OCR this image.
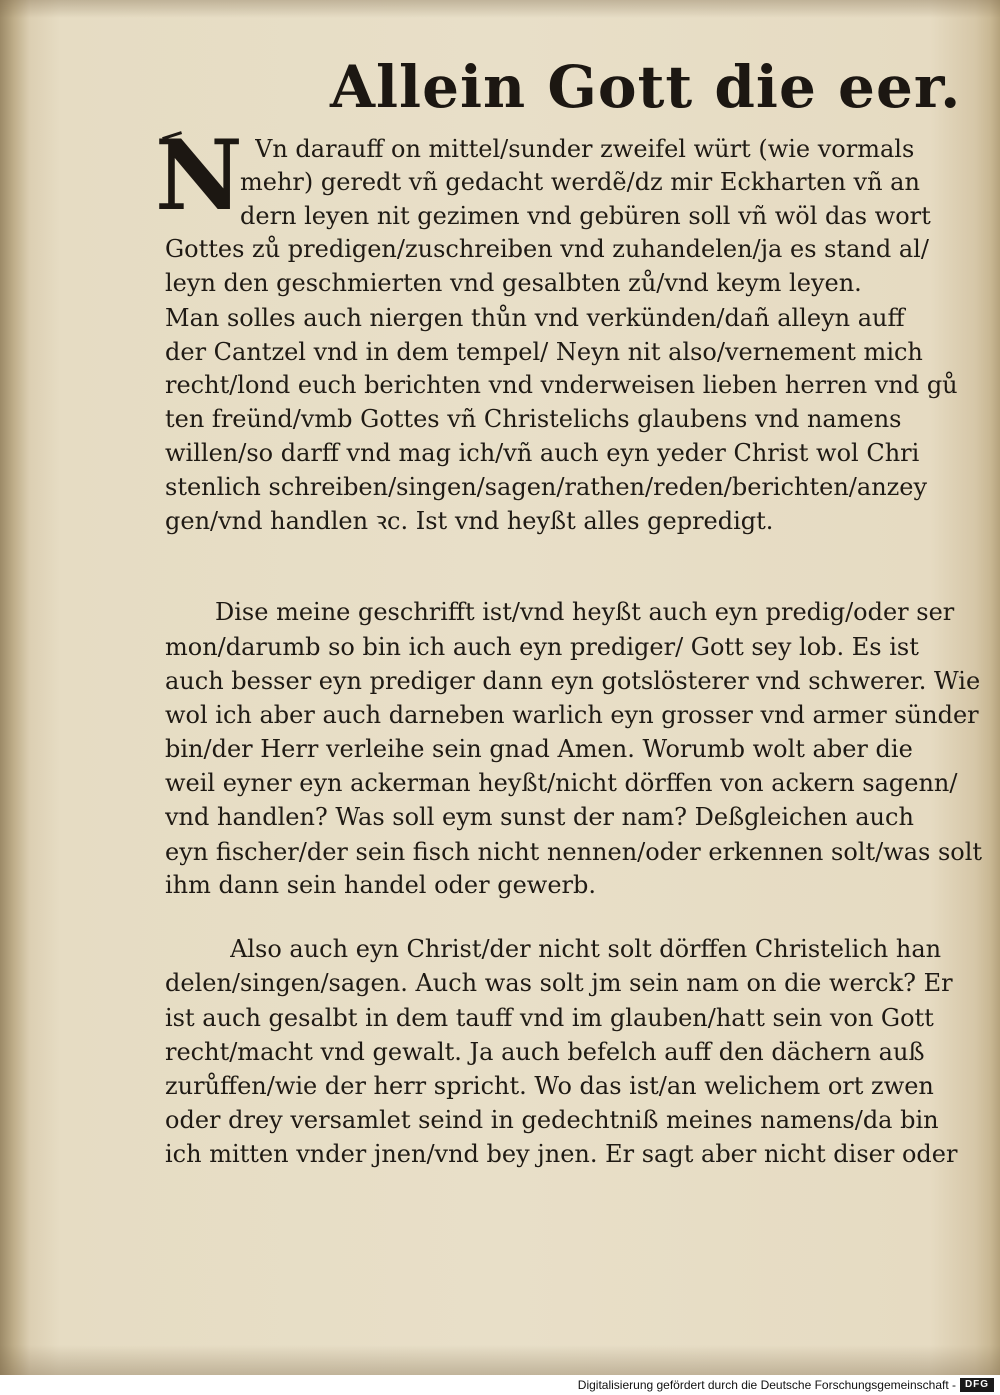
Allein Gott die eer.
N Vn darauff on mittel/sunder zweifel würt (wie vormals
mehr) geredt vñ gedacht werdẽ/dz mir Eckharten vñ an
dern leyen nit gezimen vnd gebüren soll vñ wöl das wort
Gottes zů predigen/zuschreiben vnd zuhandelen/ja es stand al/
leyn den geschmierten vnd gesalbten zů/vnd keym leyen.
Man solles auch niergen thůn vnd verkünden/dañ alleyn auff
der Cantzel vnd in dem tempel/ Neyn nit also/vernement mich
recht/lond euch berichten vnd vnderweisen lieben herren vnd gů
ten freünd/vmb Gottes vñ Christelichs glaubens vnd namens
willen/so darff vnd mag ich/vñ auch eyn yeder Christ wol Chri
stenlich schreiben/singen/sagen/rathen/reden/berichten/anzey
gen/vnd handlen ꝛc. Ist vnd heyßt alles gepredigt.
Dise meine geschrifft ist/vnd heyßt auch eyn predig/oder ser
mon/darumb so bin ich auch eyn prediger/ Gott sey lob. Es ist
auch besser eyn prediger dann eyn gotslösterer vnd schwerer. Wie
wol ich aber auch darneben warlich eyn grosser vnd armer sünder
bin/der Herr verleihe sein gnad Amen. Worumb wolt aber die
weil eyner eyn ackerman heyßt/nicht dörffen von ackern sagenn/
vnd handlen? Was soll eym sunst der nam? Deßgleichen auch
eyn fischer/der sein fisch nicht nennen/oder erkennen solt/was solt
ihm dann sein handel oder gewerb.
Also auch eyn Christ/der nicht solt dörffen Christelich han
delen/singen/sagen. Auch was solt jm sein nam on die werck? Er
ist auch gesalbt in dem tauff vnd im glauben/hatt sein von Gott
recht/macht vnd gewalt. Ja auch befelch auff den dächern auß
zurůffen/wie der herr spricht. Wo das ist/an welichem ort zwen
oder drey versamlet seind in gedechtniß meines namens/da bin
ich mitten vnder jnen/vnd bey jnen. Er sagt aber nicht diser oder
Digitalisierung gefördert durch die Deutsche Forschungsgemeinschaft - DFG
